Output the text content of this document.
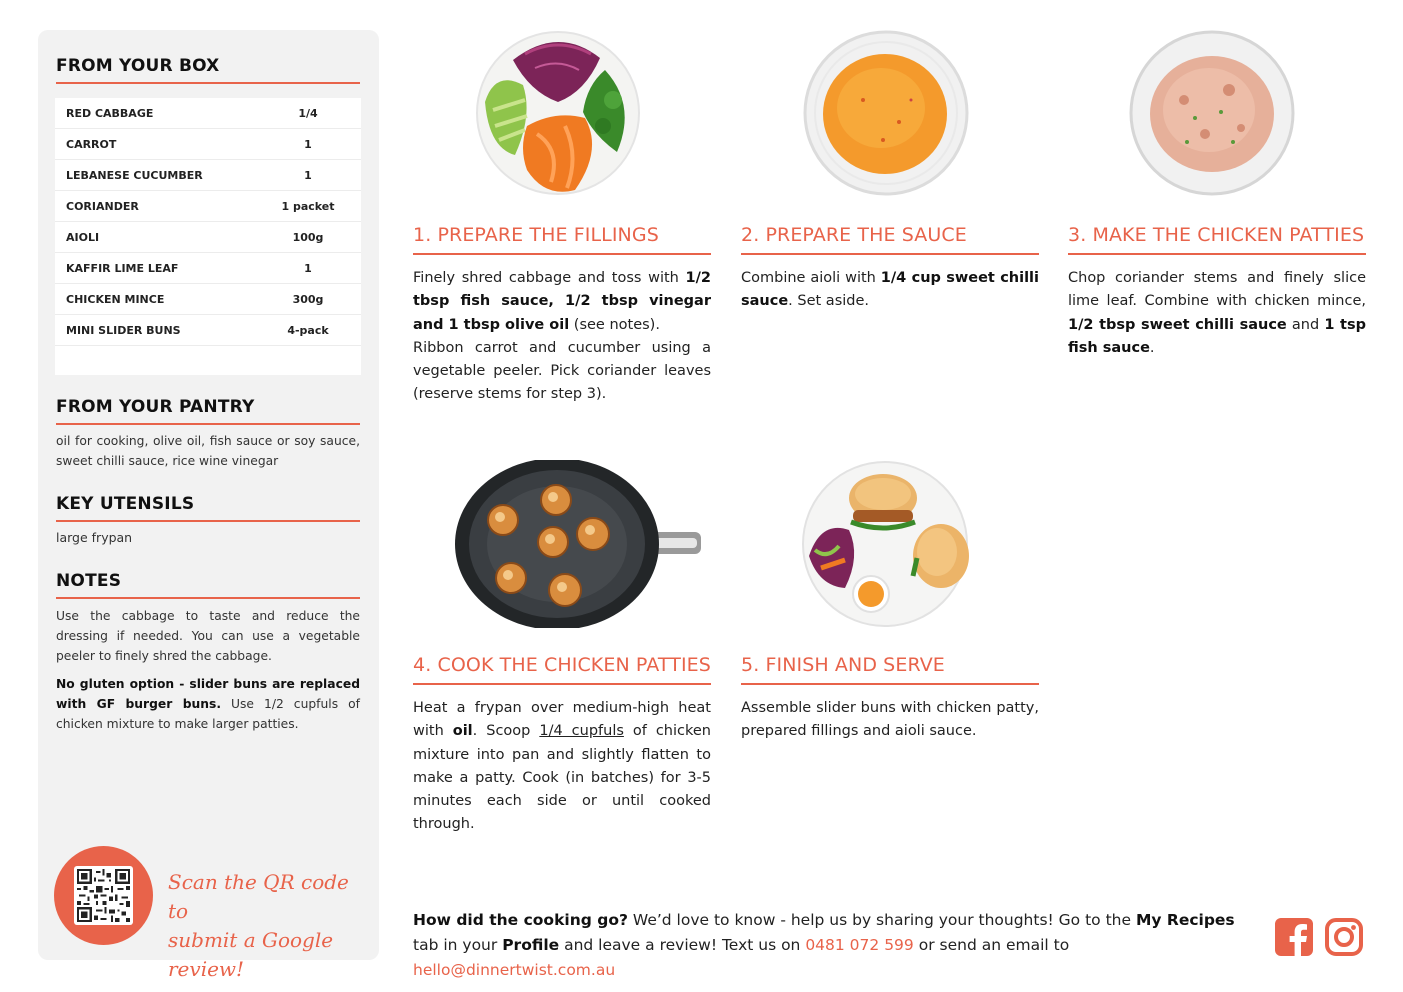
FROM YOUR BOX
RED CABBAGE	1/4
CARROT	1
LEBANESE CUCUMBER	1
CORIANDER	1 packet
AIOLI	100g
KAFFIR LIME LEAF	1
CHICKEN MINCE	300g
MINI SLIDER BUNS	4-pack
FROM YOUR PANTRY
oil for cooking, olive oil, fish sauce or soy sauce, sweet chilli sauce, rice wine vinegar
KEY UTENSILS
large frypan
NOTES
Use the cabbage to taste and reduce the dressing if needed. You can use a vegetable peeler to finely shred the cabbage.
No gluten option - slider buns are replaced with GF burger buns. Use 1/2 cupfuls of chicken mixture to make larger patties.
Scan the QR code to
submit a Google review!
1. PREPARE THE FILLINGS
Finely shred cabbage and toss with 1/2 tbsp fish sauce, 1/2 tbsp vinegar and 1 tbsp olive oil (see notes).
Ribbon carrot and cucumber using a vegetable peeler. Pick coriander leaves (reserve stems for step 3).
2. PREPARE THE SAUCE
Combine aioli with 1/4 cup sweet chilli sauce. Set aside.
3. MAKE THE CHICKEN PATTIES
Chop coriander stems and finely slice lime leaf. Combine with chicken mince, 1/2 tbsp sweet chilli sauce and 1 tsp fish sauce.
4. COOK THE CHICKEN PATTIES
Heat a frypan over medium-high heat with oil. Scoop 1/4 cupfuls of chicken mixture into pan and slightly flatten to make a patty. Cook (in batches) for 3-5 minutes each side or until cooked through.
5. FINISH AND SERVE
Assemble slider buns with chicken patty, prepared fillings and aioli sauce.
How did the cooking go? We’d love to know - help us by sharing your thoughts! Go to the My Recipes tab in your Profile and leave a review! Text us on 0481 072 599 or send an email to hello@dinnertwist.com.au
